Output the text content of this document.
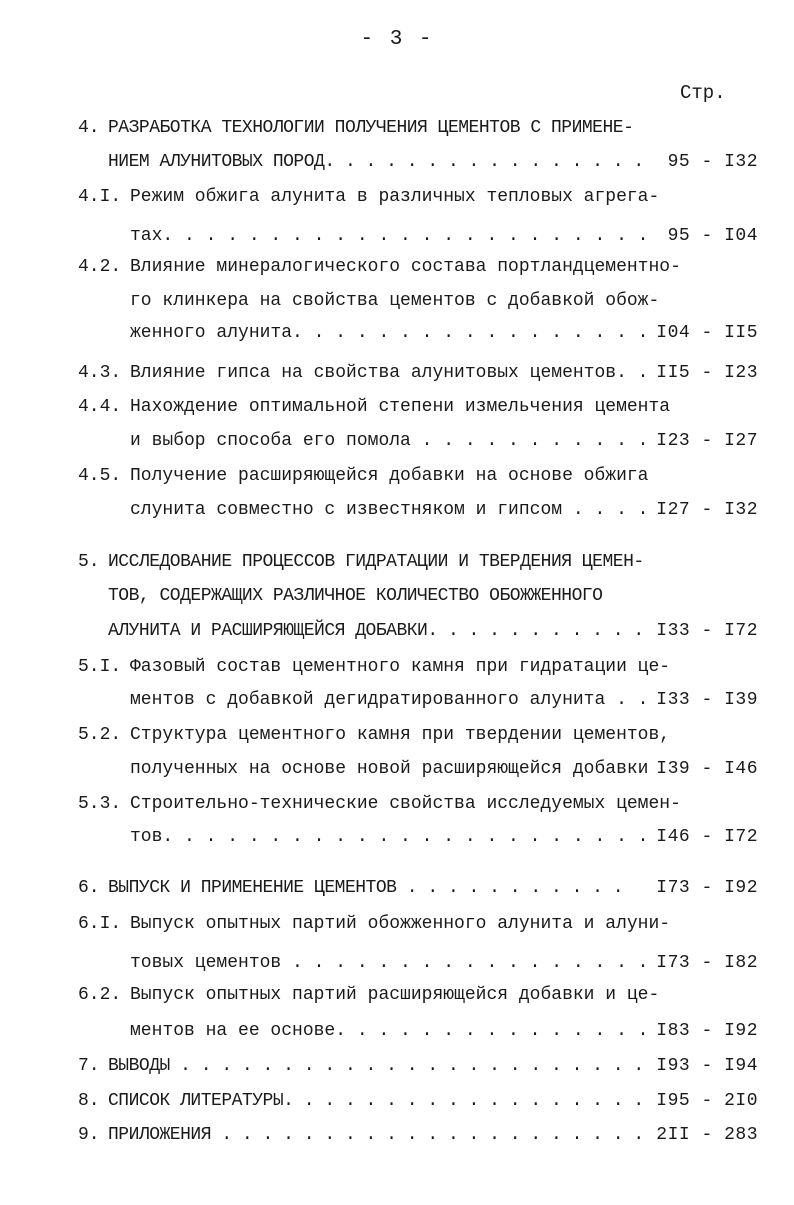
- 3 -
Стр.
4. РАЗРАБОТКА ТЕХНОЛОГИИ ПОЛУЧЕНИЯ ЦЕМЕНТОВ С ПРИМЕНЕ-
НИЕМ АЛУНИТОВЫХ ПОРОД. . . . . . . . . . . . . . . . 95 - I32
4.I. Режим обжига алунита в различных тепловых агрега-
тах. . . . . . . . . . . . . . . . . . . . . . . 95 - I04
4.2. Влияние минералогического состава портландцементно-
го клинкера на свойства цементов с добавкой обож-
женного алунита. . . . . . . . . . . . . . . . . I04 - II5
4.3. Влияние гипса на свойства алунитовых цементов. . II5 - I23
4.4. Нахождение оптимальной степени измельчения цемента
и выбор способа его помола . . . . . . . . . . . I23 - I27
4.5. Получение расширяющейся добавки на основе обжига
слунита совместно с известняком и гипсом . . . . I27 - I32
5. ИССЛЕДОВАНИЕ ПРОЦЕССОВ ГИДРАТАЦИИ И ТВЕРДЕНИЯ ЦЕМЕН-
ТОВ, СОДЕРЖАЩИХ РАЗЛИЧНОЕ КОЛИЧЕСТВО ОБОЖЖЕННОГО
АЛУНИТА И РАСШИРЯЮЩЕЙСЯ ДОБАВКИ. . . . . . . . . . . I33 - I72
5.I. Фазовый состав цементного камня при гидратации це-
ментов с добавкой дегидратированного алунита . . I33 - I39
5.2. Структура цементного камня при твердении цементов,
полученных на основе новой расширяющейся добавки I39 - I46
5.3. Строительно-технические свойства исследуемых цемен-
тов. . . . . . . . . . . . . . . . . . . . . . . I46 - I72
6. ВЫПУСК И ПРИМЕНЕНИЕ ЦЕМЕНТОВ . . . . . . . . . . . I73 - I92
6.I. Выпуск опытных партий обожженного алунита и алуни-
товых цементов . . . . . . . . . . . . . . . . . I73 - I82
6.2. Выпуск опытных партий расширяющейся добавки и це-
ментов на ее основе. . . . . . . . . . . . . . . I83 - I92
7. ВЫВОДЫ . . . . . . . . . . . . . . . . . . . . . . . I93 - I94
8. СПИСОК ЛИТЕРАТУРЫ. . . . . . . . . . . . . . . . . . I95 - 2I0
9. ПРИЛОЖЕНИЯ . . . . . . . . . . . . . . . . . . . . . 2II - 283
